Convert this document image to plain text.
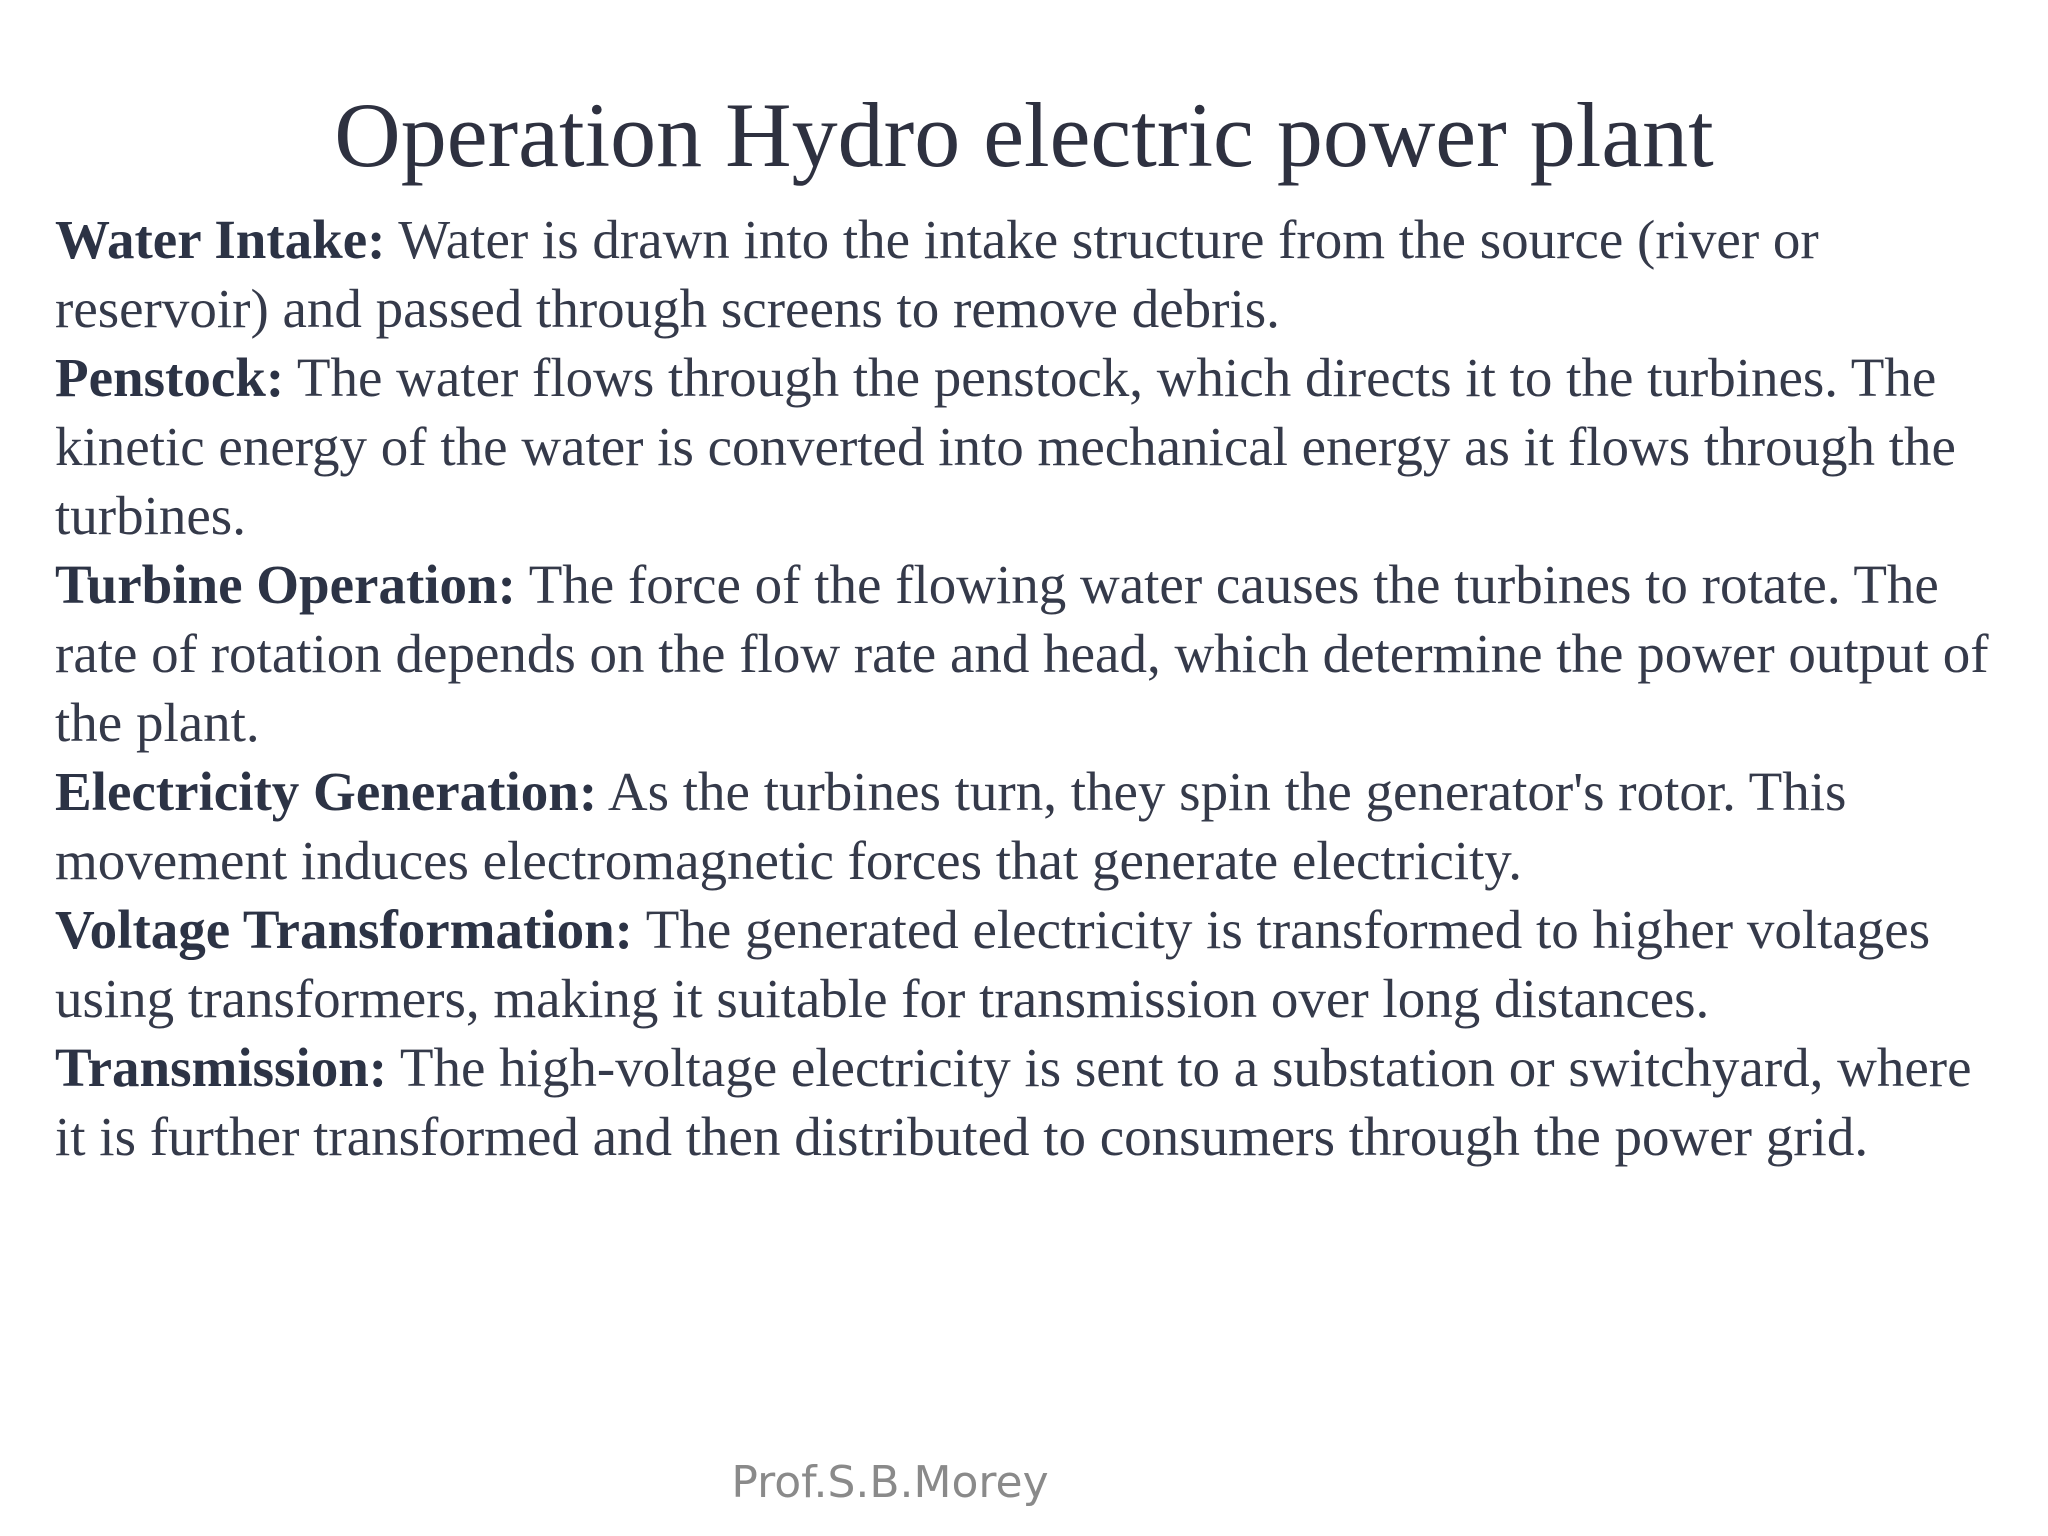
Operation Hydro electric power plant

Water Intake: Water is drawn into the intake structure from the source (river or reservoir) and passed through screens to remove debris.

Penstock: The water flows through the penstock, which directs it to the turbines. The kinetic energy of the water is converted into mechanical energy as it flows through the turbines.

Turbine Operation: The force of the flowing water causes the turbines to rotate. The rate of rotation depends on the flow rate and head, which determine the power output of the plant.

Electricity Generation: As the turbines turn, they spin the generator's rotor. This movement induces electromagnetic forces that generate electricity.

Voltage Transformation: The generated electricity is transformed to higher voltages using transformers, making it suitable for transmission over long distances.

Transmission: The high-voltage electricity is sent to a substation or switchyard, where it is further transformed and then distributed to consumers through the power grid.

Prof.S.B.Morey
